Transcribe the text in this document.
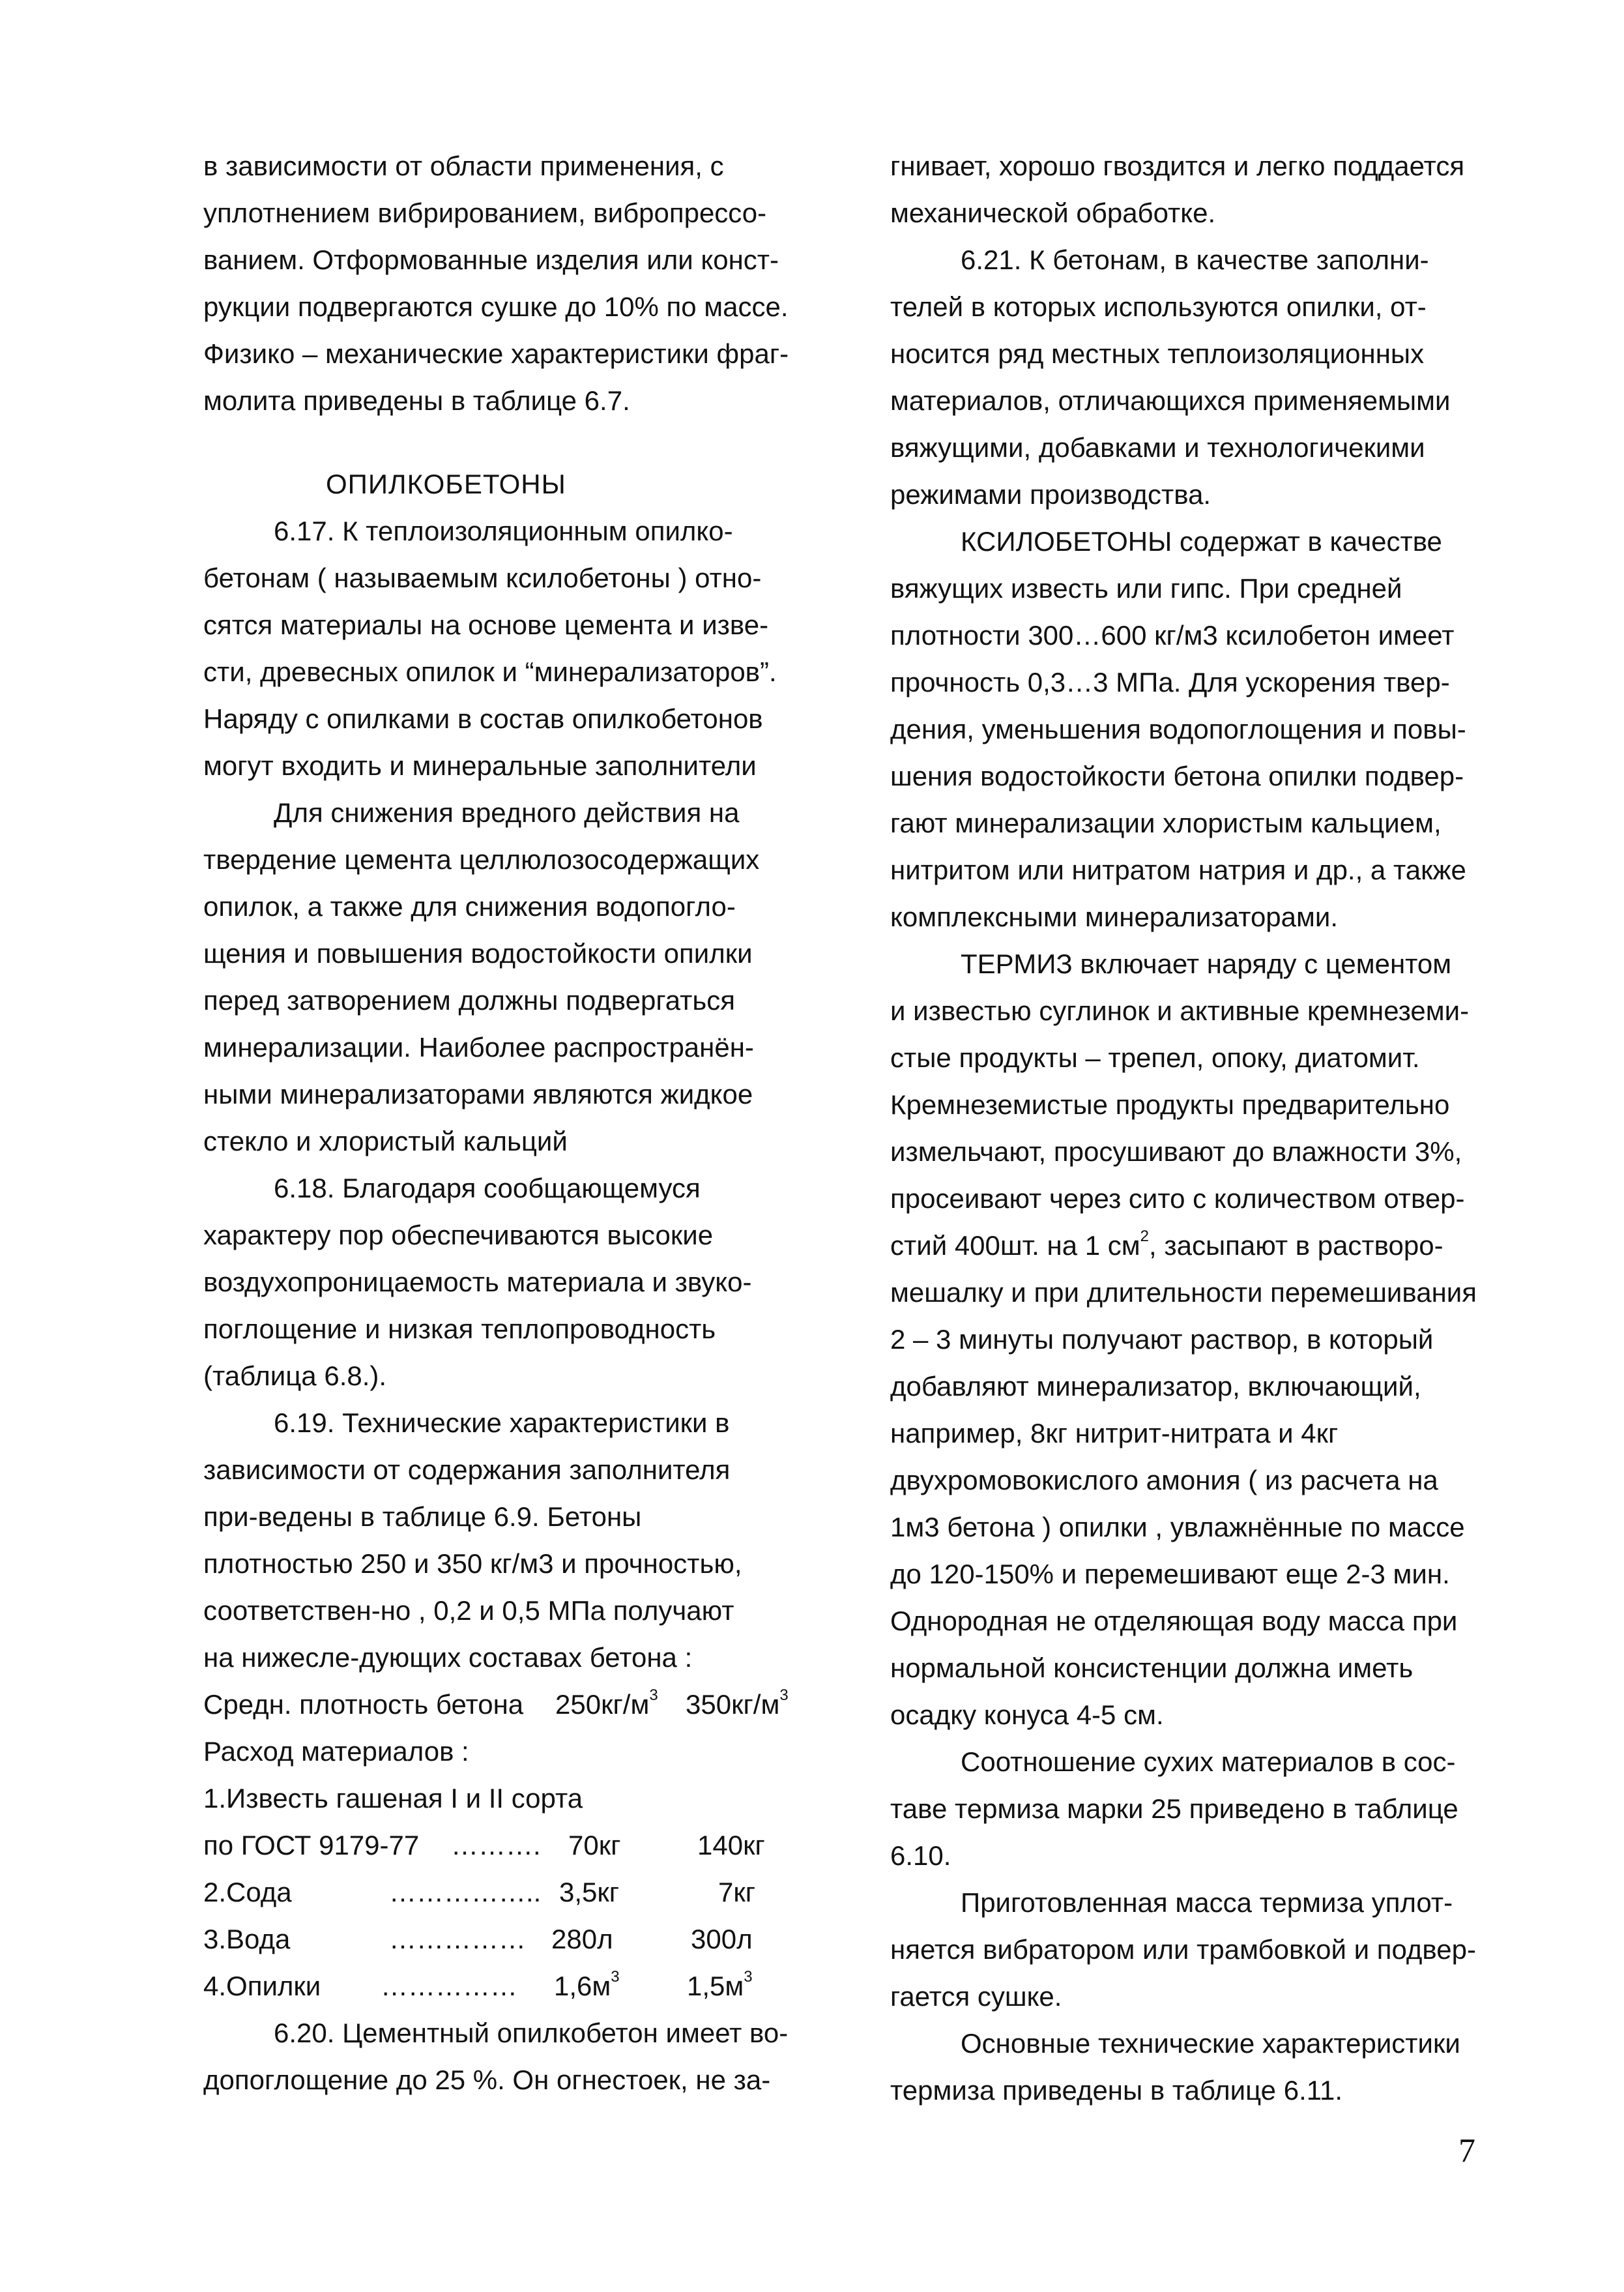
в зависимости от области применения, с
уплотнением вибрированием, вибропрессо-
ванием. Отформованные изделия или конст-
рукции подвергаются сушке до 10% по массе.
Физико – механические характеристики фраг-
молита приведены в таблице 6.7.
ОПИЛКОБЕТОНЫ
6.17. К теплоизоляционным опилко-
бетонам ( называемым ксилобетоны ) отно-
сятся материалы на основе цемента и изве-
сти, древесных опилок и “минерализаторов”.
Наряду с опилками в состав опилкобетонов
могут входить и минеральные заполнители
Для снижения вредного действия на
твердение цемента целлюлозосодержащих
опилок, а также для снижения водопогло-
щения и повышения водостойкости опилки
перед затворением должны подвергаться
минерализации. Наиболее распространён-
ными минерализаторами являются жидкое
стекло и хлористый кальций
6.18. Благодаря сообщающемуся
характеру пор обеспечиваются высокие
воздухопроницаемость материала и звуко-
поглощение и низкая теплопроводность
(таблица 6.8.).
6.19. Технические характеристики в
зависимости от содержания заполнителя
при-ведены в таблице 6.9. Бетоны
плотностью 250 и 350 кг/м3 и прочностью,
соответствен-но , 0,2 и 0,5 МПа получают
на нижесле-дующих составах бетона :
Средн. плотность бетона $250кг/м^3$ $350кг/м^3$
Расход материалов :
1.Известь гашеная I и II сорта
по ГОСТ 9179-77 ………. 70кг	140кг
2.Сода	…………….. 3,5кг	7кг
3.Вода	…………… 280л	300л
4.Опилки …………… $1,6м^3$ $1,5м^3$
6.20. Цементный опилкобетон имеет во-
допоглощение до 25 %. Он огнестоек, не за-
гнивает, хорошо гвоздится и легко поддается
механической обработке.
6.21. К бетонам, в качестве заполни-
телей в которых используются опилки, от-
носится ряд местных теплоизоляционных
материалов, отличающихся применяемыми
вяжущими, добавками и технологичекими
режимами производства.
КСИЛОБЕТОНЫ содержат в качестве
вяжущих известь или гипс. При средней
плотности 300…600 кг/м3 ксилобетон имеет
прочность 0,3…3 МПа. Для ускорения твер-
дения, уменьшения водопоглощения и повы-
шения водостойкости бетона опилки подвер-
гают минерализации хлористым кальцием,
нитритом или нитратом натрия и др., а также
комплексными минерализаторами.
ТЕРМИЗ включает наряду с цементом
и известью суглинок и активные кремнеземи-
стые продукты – трепел, опоку, диатомит.
Кремнеземистые продукты предварительно
измельчают, просушивают до влажности 3%,
просеивают через сито с количеством отвер-
стий 400шт. на 1 $см^2$, засыпают в растворо-
мешалку и при длительности перемешивания
2 – 3 минуты получают раствор, в который
добавляют минерализатор, включающий,
например, 8кг нитрит-нитрата и 4кг
двухромовокислого амония ( из расчета на
1м3 бетона ) опилки , увлажнённые по массе
до 120-150% и перемешивают еще 2-3 мин.
Однородная не отделяющая воду масса при
нормальной консистенции должна иметь
осадку конуса 4-5 см.
Соотношение сухих материалов в сос-
таве термиза марки 25 приведено в таблице
6.10.
Приготовленная масса термиза уплот-
няется вибратором или трамбовкой и подвер-
гается сушке.
Основные технические характеристики
термиза приведены в таблице 6.11.
7
